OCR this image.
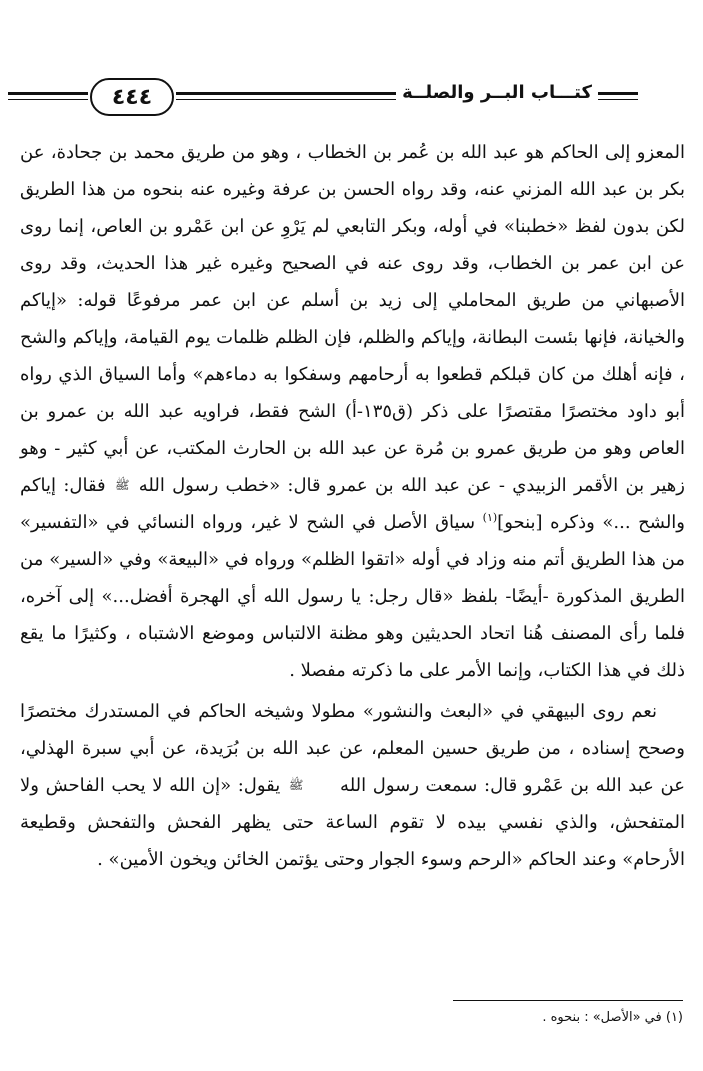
٤٤٤	كتـــاب البــر والصلــة

المعزو إلى الحاكم هو عبد الله بن عُمر بن الخطاب ، وهو من طريق محمد بن جحادة، عن بكر بن عبد الله المزني عنه، وقد رواه الحسن بن عرفة وغيره عنه بنحوه من هذا الطريق لكن بدون لفظ «خطبنا» في أوله، وبكر التابعي لم يَرْوِ عن ابن عَمْرو بن العاص، إنما روى عن ابن عمر بن الخطاب، وقد روى عنه في الصحيح وغيره غير هذا الحديث، وقد روى الأصبهاني من طريق المحاملي إلى زيد بن أسلم عن ابن عمر مرفوعًا قوله: «إياكم والخيانة، فإنها بئست البطانة، وإياكم والظلم، فإن الظلم ظلمات يوم القيامة، وإياكم والشح ، فإنه أهلك من كان قبلكم قطعوا به أرحامهم وسفكوا به دماءهم» وأما السياق الذي رواه أبو داود مختصرًا مقتصرًا على ذكر (ق١٣٥-أ) الشح فقط، فراويه عبد الله بن عمرو بن العاص وهو من طريق عمرو بن مُرة عن عبد الله بن الحارث المكتب، عن أبي كثير - وهو زهير بن الأقمر الزبيدي - عن عبد الله بن عمرو قال: «خطب رسول الله ﷺ فقال: إياكم والشح ...» وذكره [بنحو]$^{(١)}$ سياق الأصل في الشح لا غير، ورواه النسائي في «التفسير» من هذا الطريق أتم منه وزاد في أوله «اتقوا الظلم» ورواه في «البيعة» وفي «السير» من الطريق المذكورة -أيضًا- بلفظ «قال رجل: يا رسول الله أي الهجرة أفضل...» إلى آخره، فلما رأى المصنف هُنا اتحاد الحديثين وهو مظنة الالتباس وموضع الاشتباه ، وكثيرًا ما يقع ذلك في هذا الكتاب، وإنما الأمر على ما ذكرته مفصلا .

نعم روى البيهقي في «البعث والنشور» مطولا وشيخه الحاكم في المستدرك مختصرًا وصحح إسناده ، من طريق حسين المعلم، عن عبد الله بن بُرَيدة، عن أبي سبرة الهذلي، عن عبد الله بن عَمْرو قال: سمعت رسول الله ﷺ يقول: «إن الله لا يحب الفاحش ولا المتفحش، والذي نفسي بيده لا تقوم الساعة حتى يظهر الفحش والتفحش وقطيعة الأرحام» وعند الحاكم «الرحم وسوء الجوار وحتى يؤتمن الخائن ويخون الأمين» .

(١) في «الأصل» : بنحوه .
